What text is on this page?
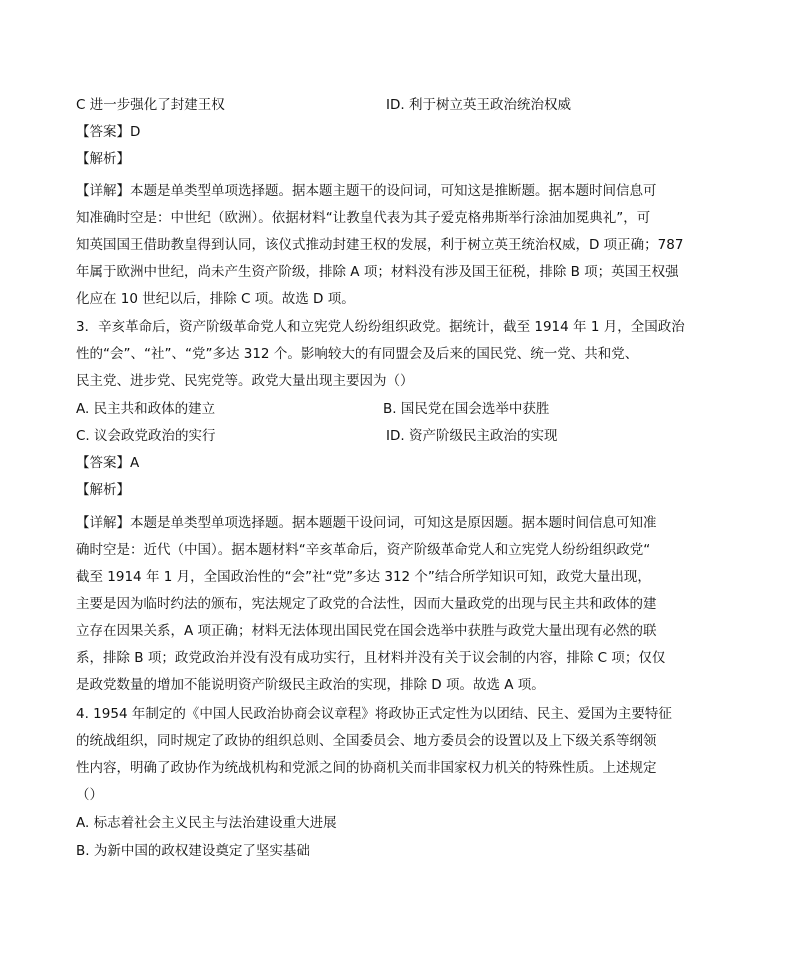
C 进一步强化了封建王权	ID. 利于树立英王政治统治权威
【答案】D
【解析】
【详解】本题是单类型单项选择题。据本题主题干的设问词，可知这是推断题。据本题时间信息可
知准确时空是：中世纪（欧洲）。依据材料“让教皇代表为其子爱克格弗斯举行涂油加冕典礼”，可
知英国国王借助教皇得到认同，该仪式推动封建王权的发展，利于树立英王统治权威，D 项正确；787
年属于欧洲中世纪，尚未产生资产阶级，排除 A 项；材料没有涉及国王征税，排除 B 项；英国王权强
化应在 10 世纪以后，排除 C 项。故选 D 项。
3．辛亥革命后，资产阶级革命党人和立宪党人纷纷组织政党。据统计，截至 1914 年 1 月，全国政治
性的“会”、“社”、“党”多达 312 个。影响较大的有同盟会及后来的国民党、统一党、共和党、
民主党、进步党、民宪党等。政党大量出现主要因为（）
A. 民主共和政体的建立	B. 国民党在国会选举中获胜
C. 议会政党政治的实行	ID. 资产阶级民主政治的实现
【答案】A
【解析】
【详解】本题是单类型单项选择题。据本题题干设问词，可知这是原因题。据本题时间信息可知准
确时空是：近代（中国）。据本题材料“辛亥革命后，资产阶级革命党人和立宪党人纷纷组织政党“
截至 1914 年 1 月，全国政治性的“会”社“党”多达 312 个”结合所学知识可知，政党大量出现，
主要是因为临时约法的颁布，宪法规定了政党的合法性，因而大量政党的出现与民主共和政体的建
立存在因果关系，A 项正确；材料无法体现出国民党在国会选举中获胜与政党大量出现有必然的联
系，排除 B 项；政党政治并没有没有成功实行，且材料并没有关于议会制的内容，排除 C 项；仅仅
是政党数量的增加不能说明资产阶级民主政治的实现，排除 D 项。故选 A 项。
4. 1954 年制定的《中国人民政治协商会议章程》将政协正式定性为以团结、民主、爱国为主要特征
的统战组织，同时规定了政协的组织总则、全国委员会、地方委员会的设置以及上下级关系等纲领
性内容，明确了政协作为统战机构和党派之间的协商机关而非国家权力机关的特殊性质。上述规定
（）
A. 标志着社会主义民主与法治建设重大进展
B. 为新中国的政权建设奠定了坚实基础
